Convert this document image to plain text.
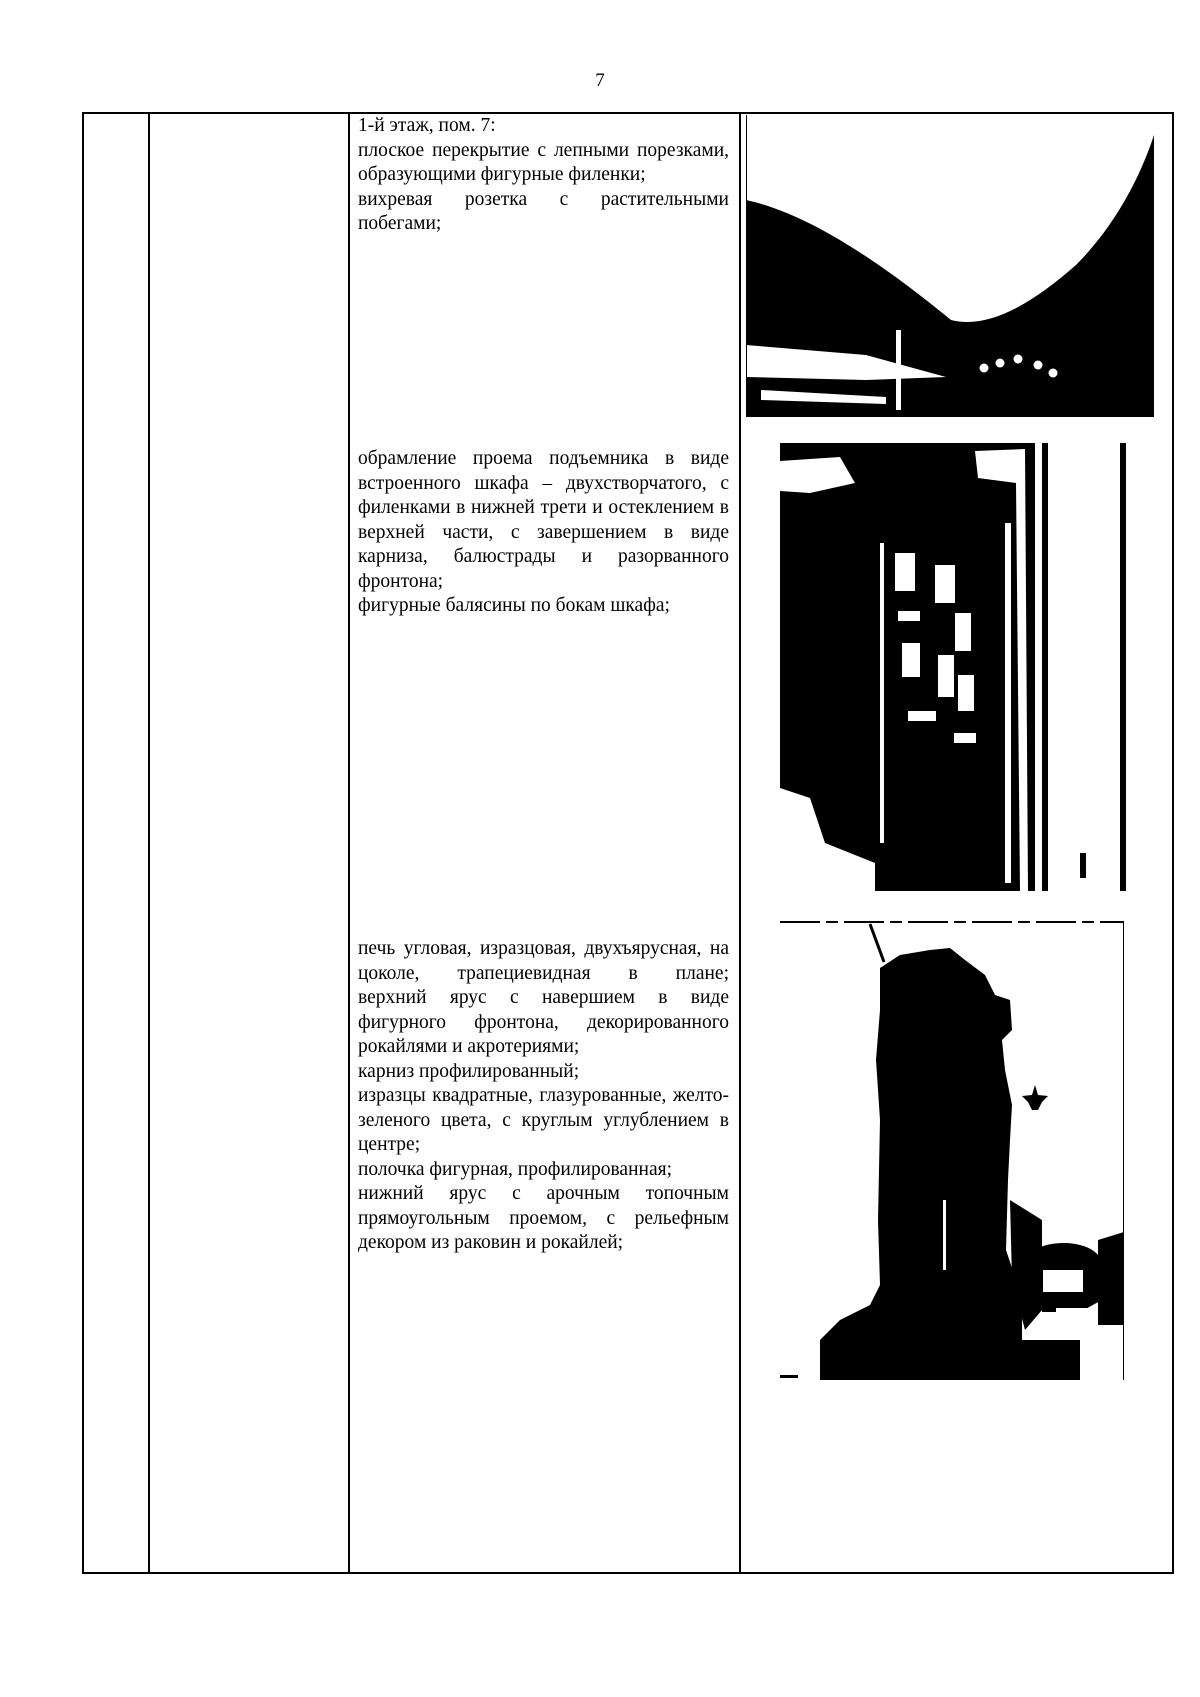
7

1-й этаж, пом. 7:

плоское перекрытие с лепными порезками, образующими фигурные филенки;

вихревая розетка с растительными побегами;

обрамление проема подъемника в виде встроенного шкафа – двухстворчатого, с филенками в нижней трети и остеклением в верхней части, с завершением в виде карниза, балюстрады и разорванного фронтона;

фигурные балясины по бокам шкафа;

печь угловая, изразцовая, двухъярусная, на цоколе, трапециевидная в плане;

верхний ярус с навершием в виде фигурного фронтона, декорированного рокайлями и акротериями;

карниз профилированный;

изразцы квадратные, глазурованные, желто-зеленого цвета, с круглым углублением в центре;

полочка фигурная, профилированная;

нижний ярус с арочным топочным прямоугольным проемом, с рельефным декором из раковин и рокайлей;
